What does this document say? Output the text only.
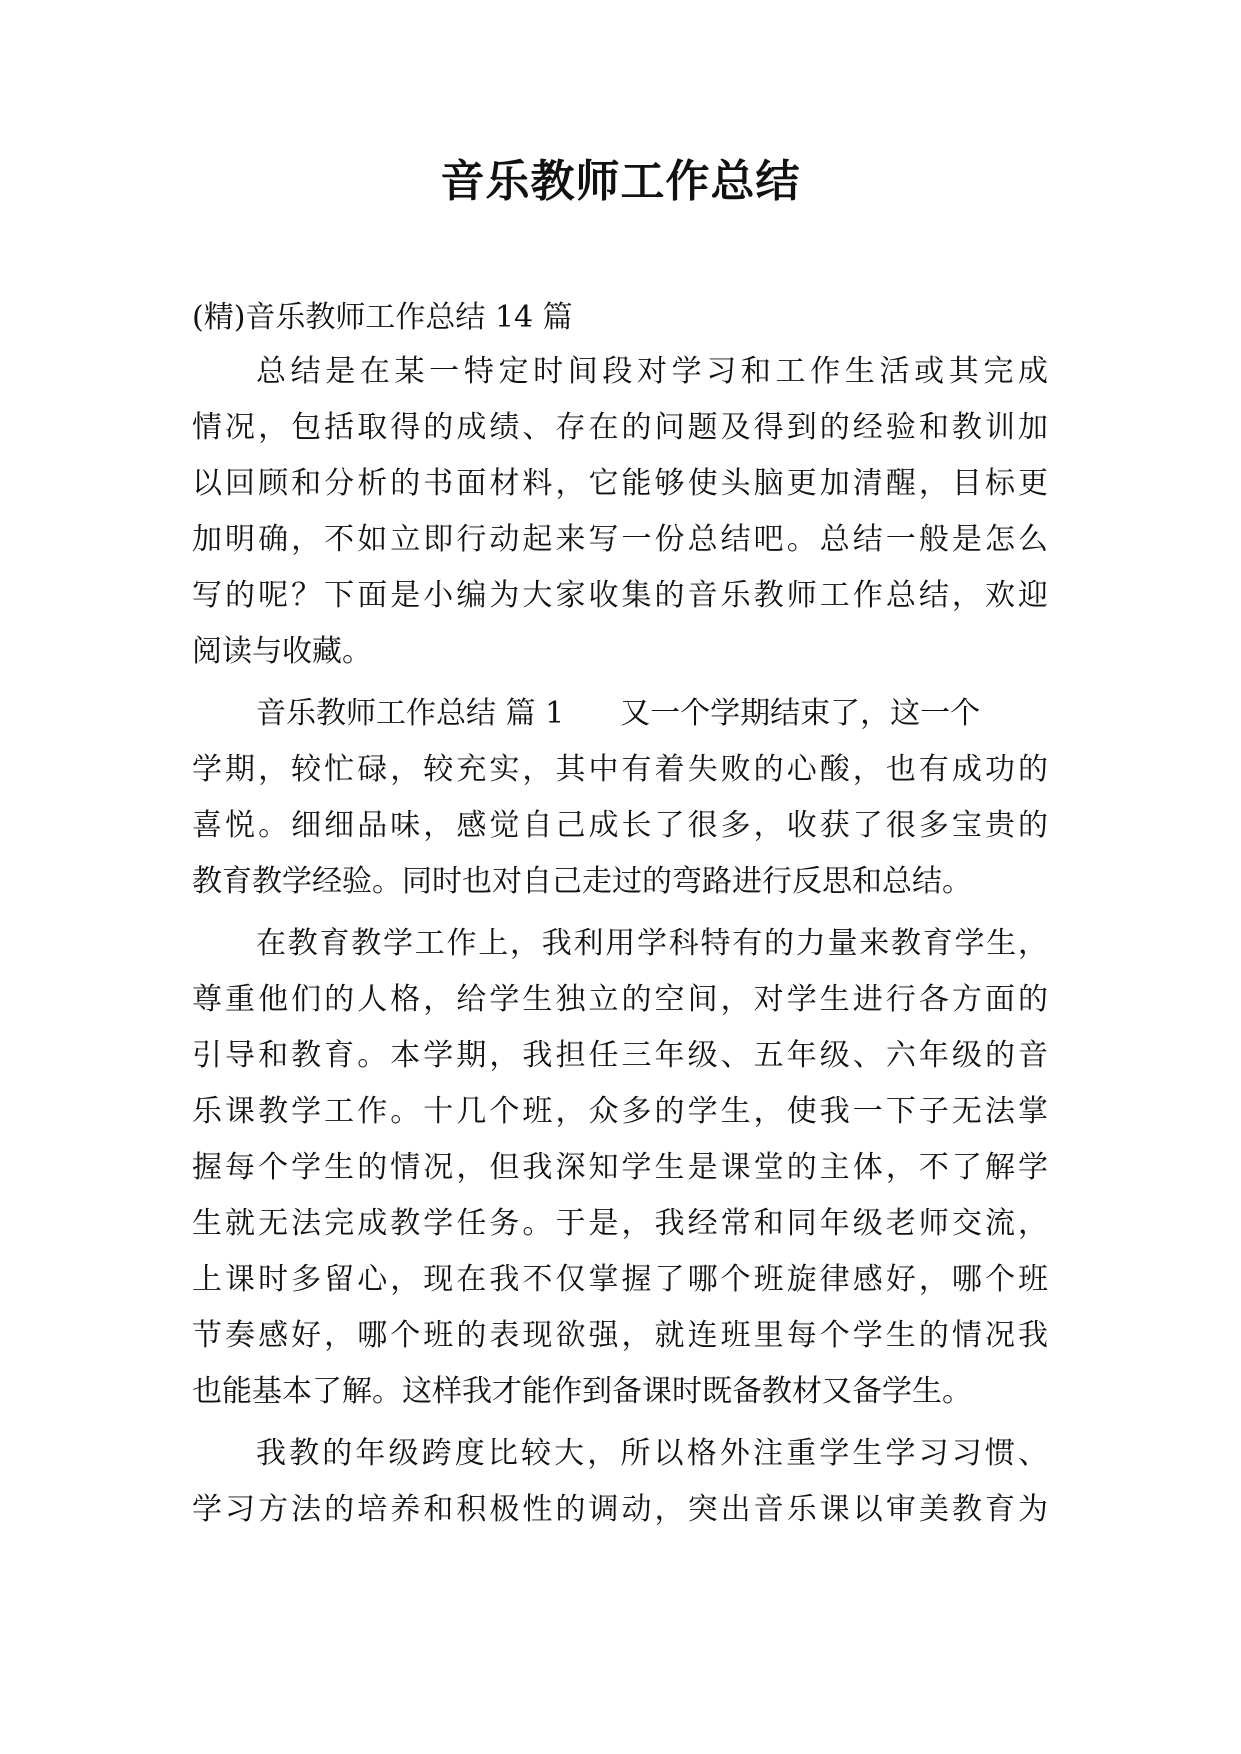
音乐教师工作总结

(精)音乐教师工作总结 14 篇

总结是在某一特定时间段对学习和工作生活或其完成

情况，包括取得的成绩、存在的问题及得到的经验和教训加

以回顾和分析的书面材料，它能够使头脑更加清醒，目标更

加明确，不如立即行动起来写一份总结吧。总结一般是怎么

写的呢？下面是小编为大家收集的音乐教师工作总结，欢迎

阅读与收藏。

音乐教师工作总结 篇 1 又一个学期结束了，这一个

学期，较忙碌，较充实，其中有着失败的心酸，也有成功的

喜悦。细细品味，感觉自己成长了很多，收获了很多宝贵的

教育教学经验。同时也对自己走过的弯路进行反思和总结。

在教育教学工作上，我利用学科特有的力量来教育学生，

尊重他们的人格，给学生独立的空间，对学生进行各方面的

引导和教育。本学期，我担任三年级、五年级、六年级的音

乐课教学工作。十几个班，众多的学生，使我一下子无法掌

握每个学生的情况，但我深知学生是课堂的主体，不了解学

生就无法完成教学任务。于是，我经常和同年级老师交流，

上课时多留心，现在我不仅掌握了哪个班旋律感好，哪个班

节奏感好，哪个班的表现欲强，就连班里每个学生的情况我

也能基本了解。这样我才能作到备课时既备教材又备学生。

我教的年级跨度比较大，所以格外注重学生学习习惯、

学习方法的培养和积极性的调动，突出音乐课以审美教育为
